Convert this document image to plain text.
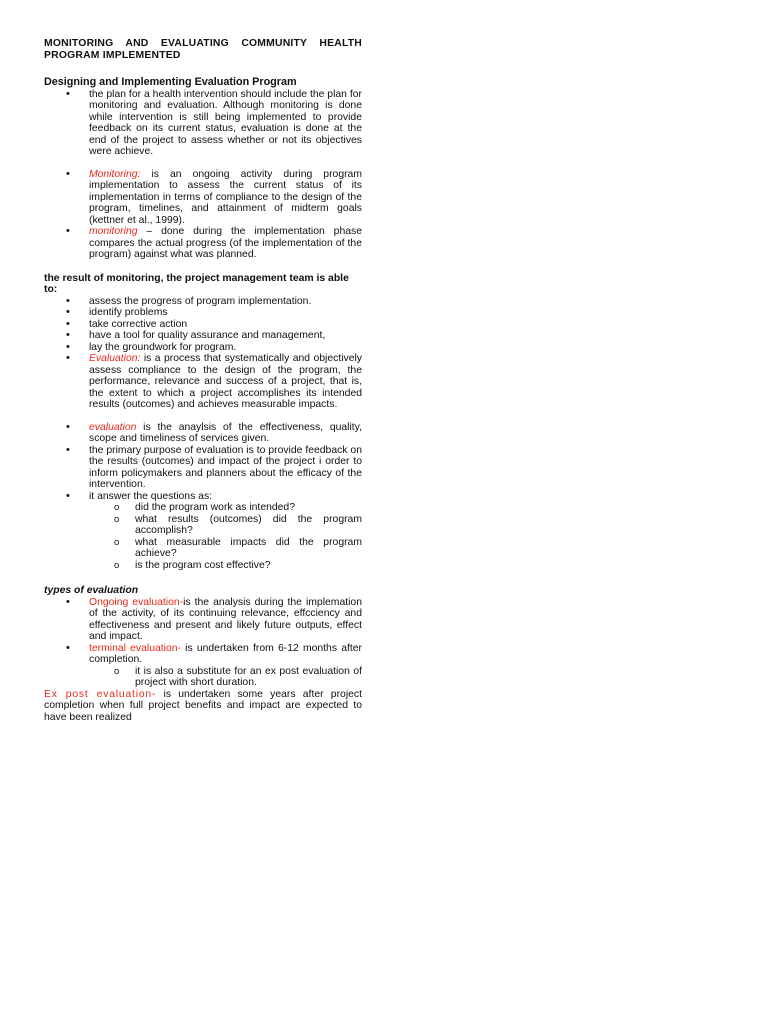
MONITORING AND EVALUATING COMMUNITY HEALTH
PROGRAM IMPLEMENTED

Designing and Implementing Evaluation Program
• the plan for a health intervention should include the plan for monitoring and evaluation. Although monitoring is done while intervention is still being implemented to provide feedback on its current status, evaluation is done at the end of the project to assess whether or not its objectives were achieve.
• Monitoring: is an ongoing activity during program implementation to assess the current status of its implementation in terms of compliance to the design of the program, timelines, and attainment of midterm goals (kettner et al., 1999).
• monitoring – done during the implementation phase compares the actual progress (of the implementation of the program) against what was planned.

the result of monitoring, the project management team is able to:

• assess the progress of program implementation.
• identify problems
• take corrective action
• have a tool for quality assurance and management,
• lay the groundwork for program.
• Evaluation: is a process that systematically and objectively assess compliance to the design of the program, the performance, relevance and success of a project, that is, the extent to which a project accomplishes its intended results (outcomes) and achieves measurable impacts.
• evaluation is the anaylsis of the effectiveness, quality, scope and timeliness of services given.
• the primary purpose of evaluation is to provide feedback on the results (outcomes) and impact of the project i order to inform policymakers and planners about the efficacy of the intervention.
• it answer the questions as:
o did the program work as intended?
o what results (outcomes) did the program accomplish?
o what measurable impacts did the program achieve?
o is the program cost effective?
types of evaluation
• Ongoing evaluation-is the analysis during the implemation of the activity, of its continuing relevance, effcciency and effectiveness and present and likely future outputs, effect and impact.
• terminal evaluation- is undertaken from 6-12 months after completion.
o it is also a substitute for an ex post evaluation of project with short duration.

Ex post evaluation- is undertaken some years after project completion when full project benefits and impact are expected to have been realized
